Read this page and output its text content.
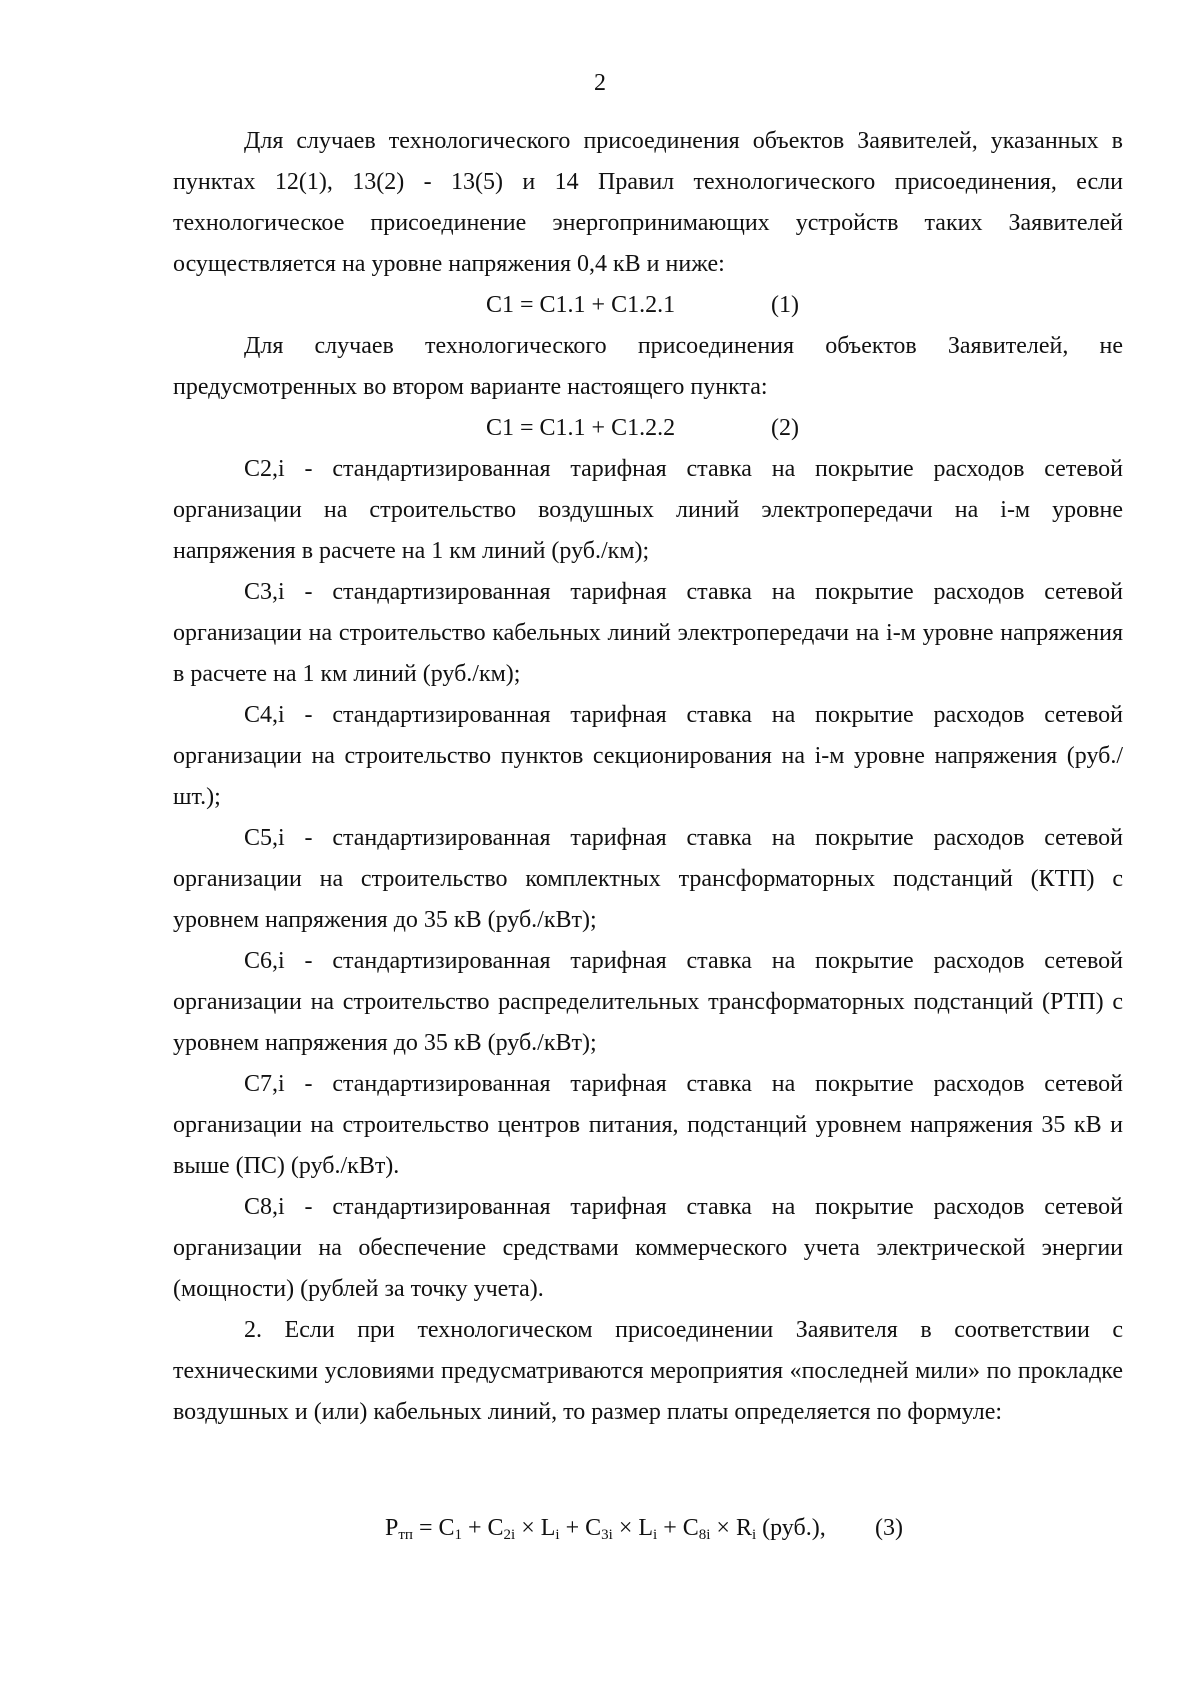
2

Для случаев технологического присоединения объектов Заявителей, указанных в пунктах 12(1), 13(2) - 13(5) и 14 Правил технологического присоединения, если технологическое присоединение энергопринимающих устройств таких Заявителей осуществляется на уровне напряжения 0,4 кВ и ниже:

С1 = С1.1 + С1.2.1	(1)

Для случаев технологического присоединения объектов Заявителей, не предусмотренных во втором варианте настоящего пункта:

С1 = С1.1 + С1.2.2	(2)

С2,i - стандартизированная тарифная ставка на покрытие расходов сетевой организации на строительство воздушных линий электропередачи на i-м уровне напряжения в расчете на 1 км линий (руб./км);

С3,i - стандартизированная тарифная ставка на покрытие расходов сетевой организации на строительство кабельных линий электропередачи на i-м уровне напряжения в расчете на 1 км линий (руб./км);

С4,i - стандартизированная тарифная ставка на покрытие расходов сетевой организации на строительство пунктов секционирования на i-м уровне напряжения (руб./шт.);

С5,i - стандартизированная тарифная ставка на покрытие расходов сетевой организации на строительство комплектных трансформаторных подстанций (КТП) с уровнем напряжения до 35 кВ (руб./кВт);

С6,i - стандартизированная тарифная ставка на покрытие расходов сетевой организации на строительство распределительных трансформаторных подстанций (РТП) с уровнем напряжения до 35 кВ (руб./кВт);

С7,i - стандартизированная тарифная ставка на покрытие расходов сетевой организации на строительство центров питания, подстанций уровнем напряжения 35 кВ и выше (ПС) (руб./кВт).

С8,i - стандартизированная тарифная ставка на покрытие расходов сетевой организации на обеспечение средствами коммерческого учета электрической энергии (мощности) (рублей за точку учета).

2. Если при технологическом присоединении Заявителя в соответствии с техническими условиями предусматриваются мероприятия «последней мили» по прокладке воздушных и (или) кабельных линий, то размер платы определяется по формуле:

$P_{тп} = C_1 + C_{2i} \times L_i + C_{3i} \times L_i + C_{8i} \times R_i$ (руб.), (3)
